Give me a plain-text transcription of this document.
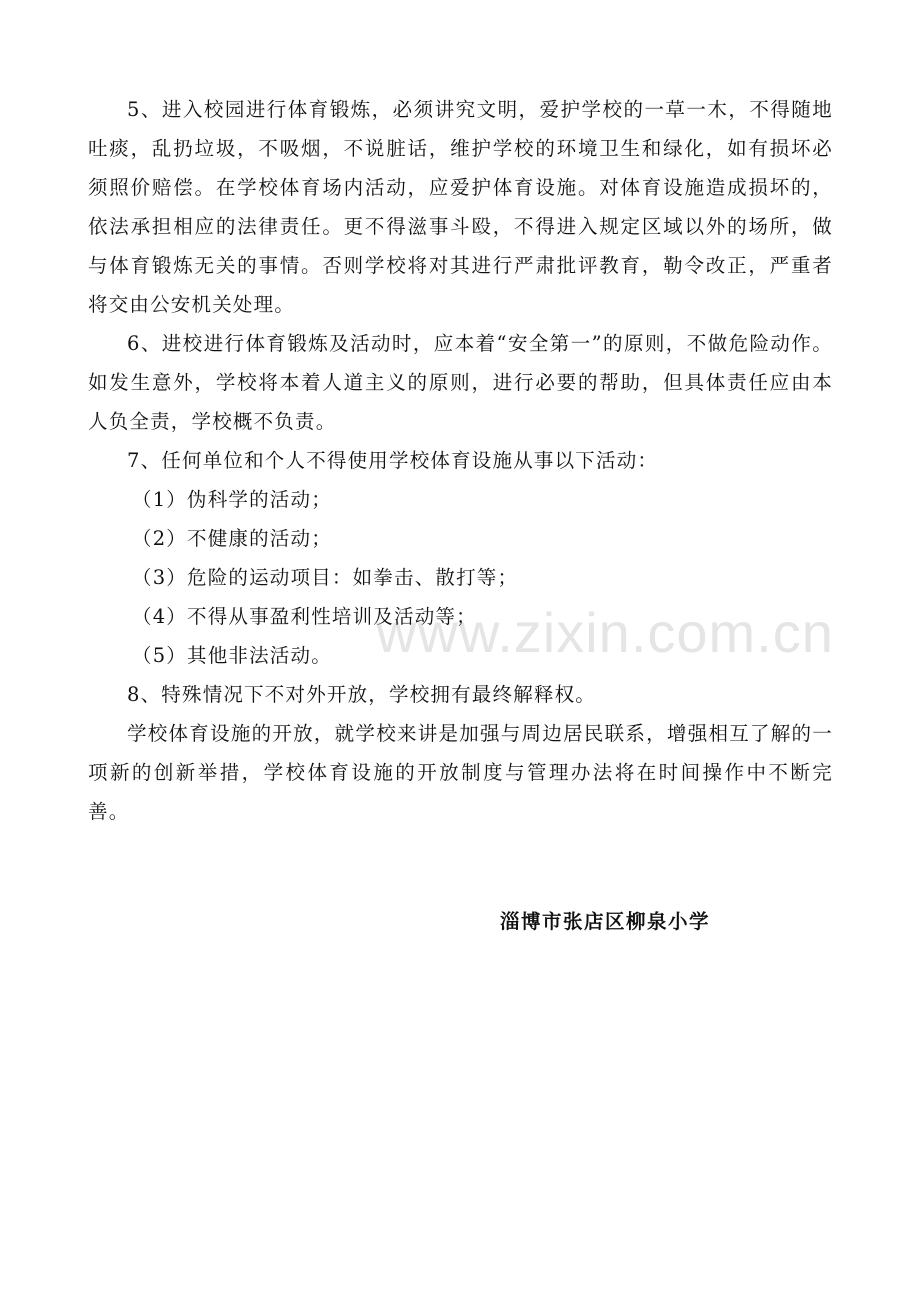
5、进入校园进行体育锻炼，必须讲究文明，爱护学校的一草一木，不得随地吐痰，乱扔垃圾，不吸烟，不说脏话，维护学校的环境卫生和绿化，如有损坏必须照价赔偿。在学校体育场内活动，应爱护体育设施。对体育设施造成损坏的，依法承担相应的法律责任。更不得滋事斗殴，不得进入规定区域以外的场所，做与体育锻炼无关的事情。否则学校将对其进行严肃批评教育，勒令改正，严重者将交由公安机关处理。

6、进校进行体育锻炼及活动时，应本着“安全第一”的原则，不做危险动作。如发生意外，学校将本着人道主义的原则，进行必要的帮助，但具体责任应由本人负全责，学校概不负责。

7、任何单位和个人不得使用学校体育设施从事以下活动：

（1）伪科学的活动；

（2）不健康的活动；

（3）危险的运动项目：如拳击、散打等；

（4）不得从事盈利性培训及活动等；

（5）其他非法活动。

8、特殊情况下不对外开放，学校拥有最终解释权。

学校体育设施的开放，就学校来讲是加强与周边居民联系，增强相互了解的一项新的创新举措，学校体育设施的开放制度与管理办法将在时间操作中不断完善。

淄博市张店区柳泉小学
www.zixin.com.cn
